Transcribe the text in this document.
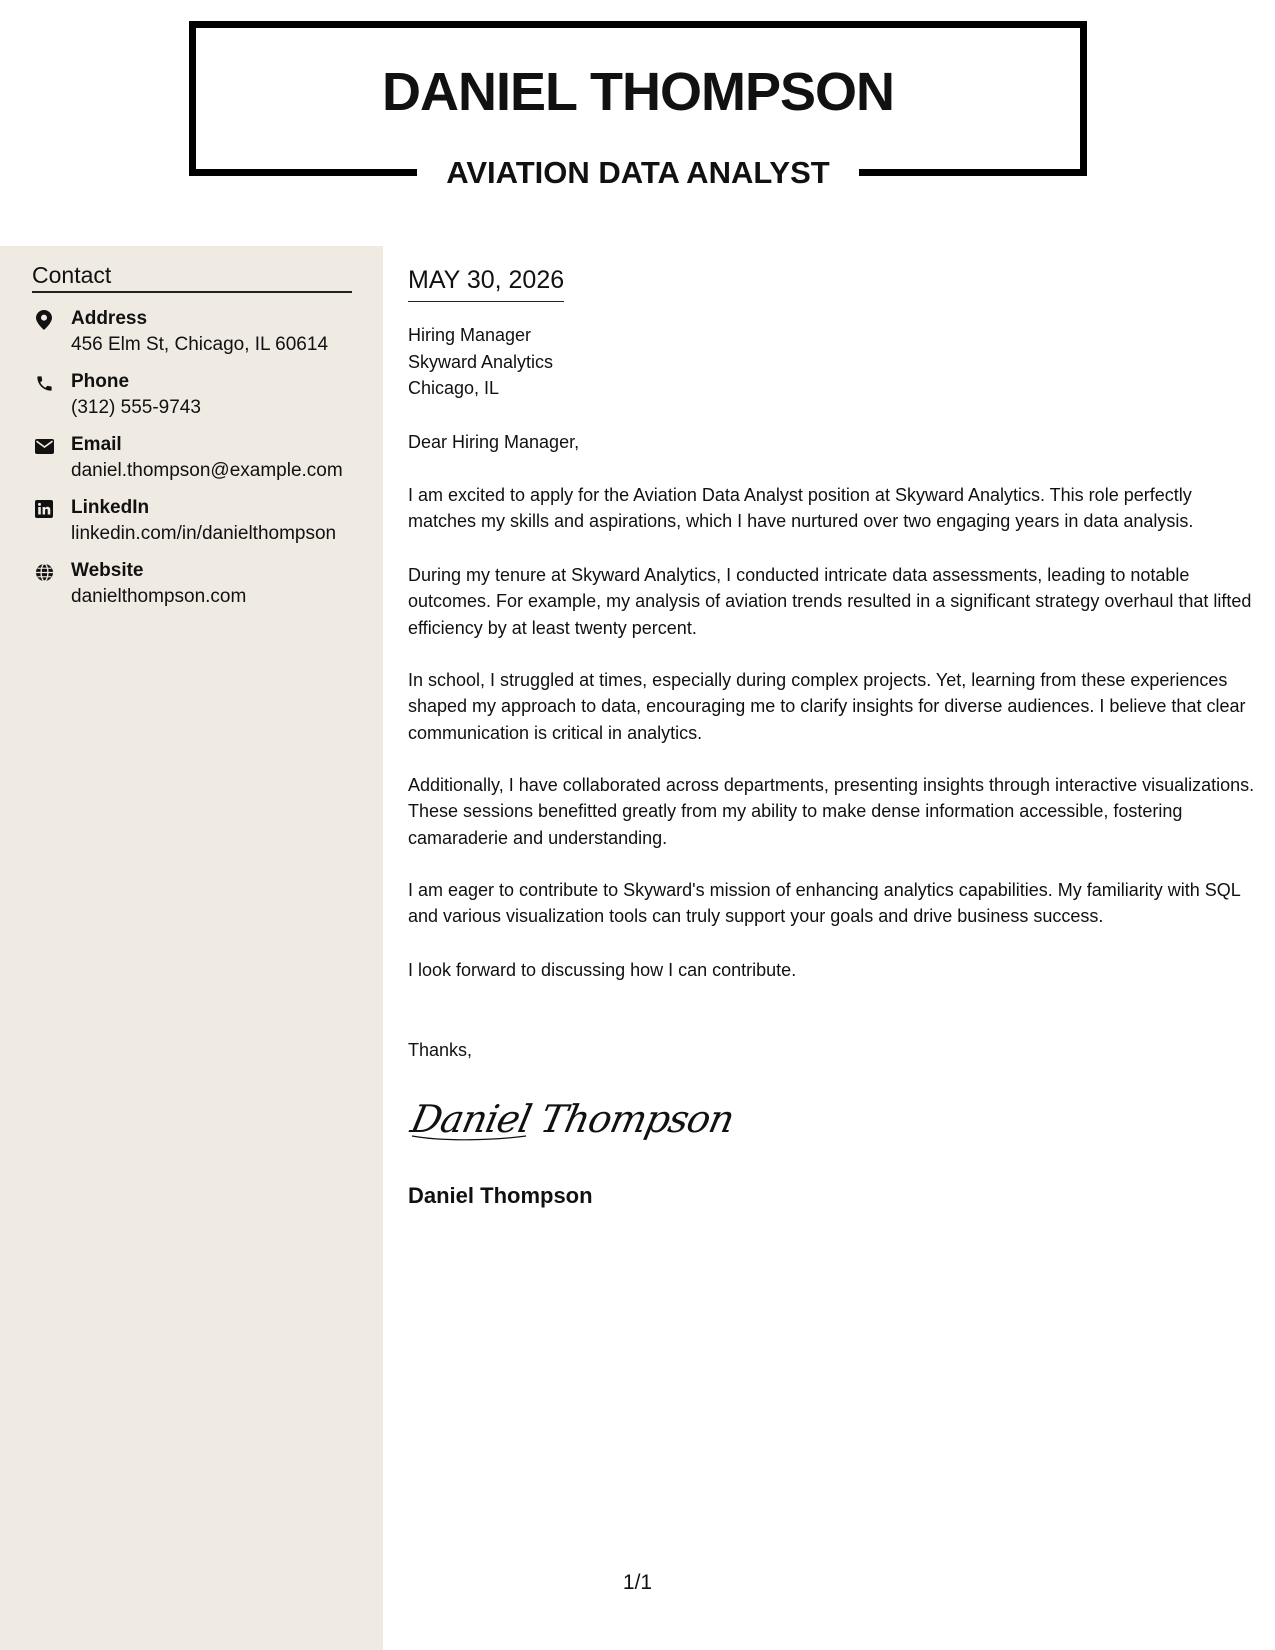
DANIEL THOMPSON
AVIATION DATA ANALYST
Contact
Address
456 Elm St, Chicago, IL 60614
Phone
(312) 555-9743
Email
daniel.thompson@example.com
LinkedIn
linkedin.com/in/danielthompson
Website
danielthompson.com
MAY 30, 2026
Hiring Manager
Skyward Analytics
Chicago, IL
Dear Hiring Manager,

I am excited to apply for the Aviation Data Analyst position at Skyward Analytics. This role perfectly matches my skills and aspirations, which I have nurtured over two engaging years in data analysis.

During my tenure at Skyward Analytics, I conducted intricate data assessments, leading to notable outcomes. For example, my analysis of aviation trends resulted in a significant strategy overhaul that lifted efficiency by at least twenty percent.

In school, I struggled at times, especially during complex projects. Yet, learning from these experiences shaped my approach to data, encouraging me to clarify insights for diverse audiences. I believe that clear communication is critical in analytics.

Additionally, I have collaborated across departments, presenting insights through interactive visualizations. These sessions benefitted greatly from my ability to make dense information accessible, fostering camaraderie and understanding.

I am eager to contribute to Skyward's mission of enhancing analytics capabilities. My familiarity with SQL and various visualization tools can truly support your goals and drive business success.

I look forward to discussing how I can contribute.

Thanks,
Daniel Thompson
Daniel Thompson
1/1
